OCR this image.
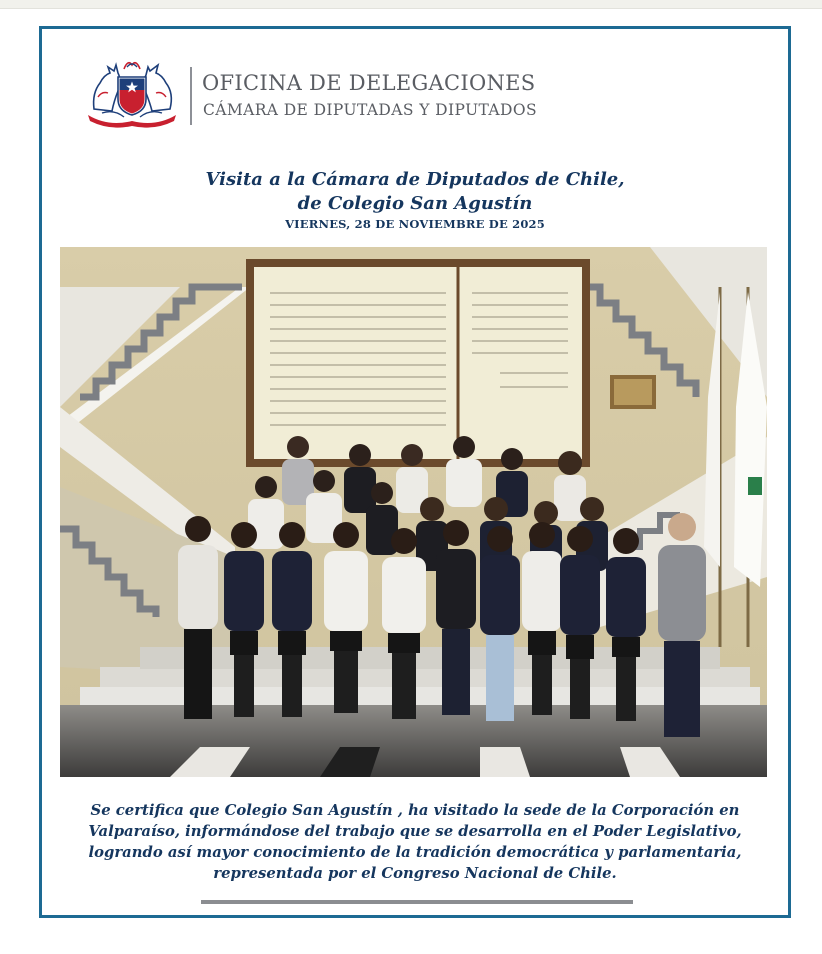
OFICINA DE DELEGACIONES
CÁMARA DE DIPUTADAS Y DIPUTADOS
Visita a la Cámara de Diputados de Chile,
de Colegio San Agustín
VIERNES, 28 DE NOVIEMBRE DE 2025
Se certifica que Colegio San Agustín , ha visitado la sede de la Corporación en
Valparaíso, informándose del trabajo que se desarrolla en el Poder Legislativo,
logrando así mayor conocimiento de la tradición democrática y parlamentaria,
representada por el Congreso Nacional de Chile.
